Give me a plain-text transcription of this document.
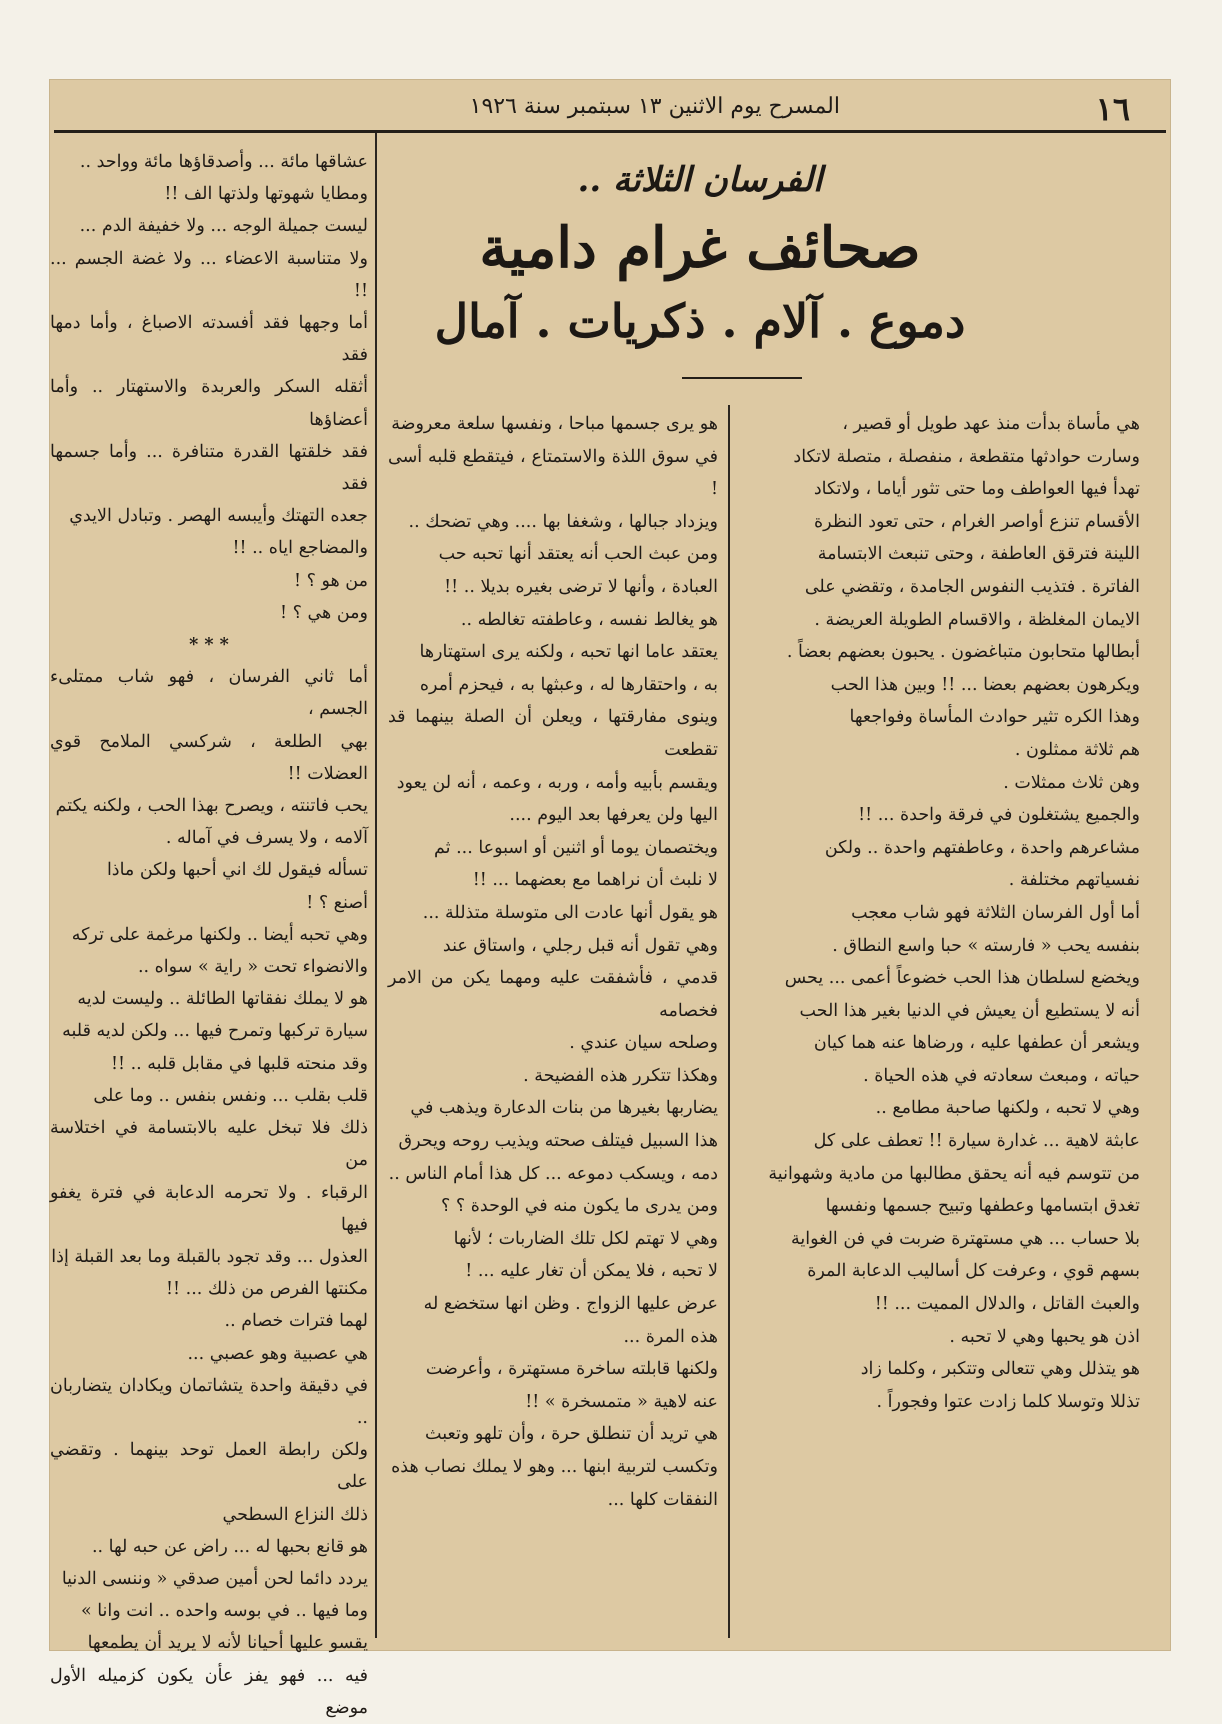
١٦
المسرح يوم الاثنين ١٣ سبتمبر سنة ١٩٢٦
الفرسان الثلاثة ..
صحائف غرام دامية
دموع . آلام . ذكريات . آمال

هي مأساة بدأت منذ عهد طويل أو قصير ،

وسارت حوادثها متقطعة ، منفصلة ، متصلة لاتكاد

تهدأ فيها العواطف وما حتى تثور أياما ، ولاتكاد

الأقسام تنزع أواصر الغرام ، حتى تعود النظرة

اللينة فترقق العاطفة ، وحتى تنبعث الابتسامة

الفاترة . فتذيب النفوس الجامدة ، وتقضي على

الايمان المغلظة ، والاقسام الطويلة العريضة .

أبطالها متحابون متباغضون . يحبون بعضهم بعضاً .

ويكرهون بعضهم بعضا ... !! وبين هذا الحب

وهذا الكره تثير حوادث المأساة وفواجعها

هم ثلاثة ممثلون .

وهن ثلاث ممثلات .

والجميع يشتغلون في فرقة واحدة ... !!

مشاعرهم واحدة ، وعاطفتهم واحدة .. ولكن

نفسياتهم مختلفة .

أما أول الفرسان الثلاثة فهو شاب معجب

بنفسه يحب « فارسته » حبا واسع النطاق .

ويخضع لسلطان هذا الحب خضوعاً أعمى ... يحس

أنه لا يستطيع أن يعيش في الدنيا بغير هذا الحب

ويشعر أن عطفها عليه ، ورضاها عنه هما كيان

حياته ، ومبعث سعادته في هذه الحياة .

وهي لا تحبه ، ولكنها صاحبة مطامع ..

عابثة لاهية ... غدارة سيارة !! تعطف على كل

من تتوسم فيه أنه يحقق مطالبها من مادية وشهوانية

تغدق ابتسامها وعطفها وتبيح جسمها ونفسها

بلا حساب ... هي مستهترة ضربت في فن الغواية

بسهم قوي ، وعرفت كل أساليب الدعابة المرة

والعبث القاتل ، والدلال المميت ... !!

اذن هو يحبها وهي لا تحبه .

هو يتذلل وهي تتعالى وتتكبر ، وكلما زاد

تذللا وتوسلا كلما زادت عتوا وفجوراً .

هو يرى جسمها مباحا ، ونفسها سلعة معروضة

في سوق اللذة والاستمتاع ، فيتقطع قلبه أسى !

ويزداد جبالها ، وشغفا بها .... وهي تضحك ..

ومن عبث الحب أنه يعتقد أنها تحبه حب

العبادة ، وأنها لا ترضى بغيره بديلا .. !!

هو يغالط نفسه ، وعاطفته تغالطه ..

يعتقد عاما انها تحبه ، ولكنه يرى استهتارها

به ، واحتقارها له ، وعبثها به ، فيحزم أمره

وينوى مفارقتها ، ويعلن أن الصلة بينهما قد تقطعت

ويقسم بأبيه وأمه ، وربه ، وعمه ، أنه لن يعود

اليها ولن يعرفها بعد اليوم ....

ويختصمان يوما أو اثنين أو اسبوعا ... ثم

لا نلبث أن نراهما مع بعضهما ... !!

هو يقول أنها عادت الى متوسلة متذللة ...

وهي تقول أنه قبل رجلي ، واستاق عند

قدمي ، فأشفقت عليه ومهما يكن من الامر فخصامه

وصلحه سيان عندي .

وهكذا تتكرر هذه الفضيحة .

يضاربها بغيرها من بنات الدعارة ويذهب في

هذا السبيل فيتلف صحته ويذيب روحه ويحرق

دمه ، ويسكب دموعه ... كل هذا أمام الناس ..

ومن يدرى ما يكون منه في الوحدة ؟ ؟

وهي لا تهتم لكل تلك الضاربات ؛ لأنها

لا تحبه ، فلا يمكن أن تغار عليه ... !

عرض عليها الزواج . وظن انها ستخضع له

هذه المرة ...

ولكنها قابلته ساخرة مستهترة ، وأعرضت

عنه لاهية « متمسخرة » !!

هي تريد أن تنطلق حرة ، وأن تلهو وتعبث

وتكسب لتربية ابنها ... وهو لا يملك نصاب هذه

النفقات كلها ...

عشاقها مائة ... وأصدقاؤها مائة وواحد ..

ومطايا شهوتها ولذتها الف !!

ليست جميلة الوجه ... ولا خفيفة الدم ...

ولا متناسبة الاعضاء ... ولا غضة الجسم ... !!

أما وجهها فقد أفسدته الاصباغ ، وأما دمها فقد

أثقله السكر والعربدة والاستهتار .. وأما أعضاؤها

فقد خلقتها القدرة متنافرة ... وأما جسمها فقد

جعده التهتك وأيبسه الهصر . وتبادل الايدي

والمضاجع اياه .. !!

من هو ؟ !

ومن هي ؟ !

* * *

أما ثاني الفرسان ، فهو شاب ممتلىء الجسم ،

بهي الطلعة ، شركسي الملامح قوي العضلات !!

يحب فاتنته ، ويصرح بهذا الحب ، ولكنه يكتم

آلامه ، ولا يسرف في آماله .

تسأله فيقول لك اني أحبها ولكن ماذا

أصنع ؟ !

وهي تحبه أيضا .. ولكنها مرغمة على تركه

والانضواء تحت « راية » سواه ..

هو لا يملك نفقاتها الطائلة .. وليست لديه

سيارة تركبها وتمرح فيها ... ولكن لديه قلبه

وقد منحته قلبها في مقابل قلبه .. !!

قلب بقلب ... ونفس بنفس .. وما على

ذلك فلا تبخل عليه بالابتسامة في اختلاسة من

الرقباء . ولا تحرمه الدعابة في فترة يغفو فيها

العذول ... وقد تجود بالقبلة وما بعد القبلة إذا

مكنتها الفرص من ذلك ... !!

لهما فترات خصام ..

هي عصبية وهو عصبي ...

في دقيقة واحدة يتشاتمان ويكادان يتضاربان ..

ولكن رابطة العمل توحد بينهما . وتقضي على

ذلك النزاع السطحي

هو قانع بحبها له ... راض عن حبه لها ..

يردد دائما لحن أمين صدقي « وننسى الدنيا

وما فيها .. في بوسه واحده .. انت وانا »

يقسو عليها أحيانا لأنه لا يريد أن يطمعها

فيه ... فهو يفز عأن يكون كزميله الأول موضع
